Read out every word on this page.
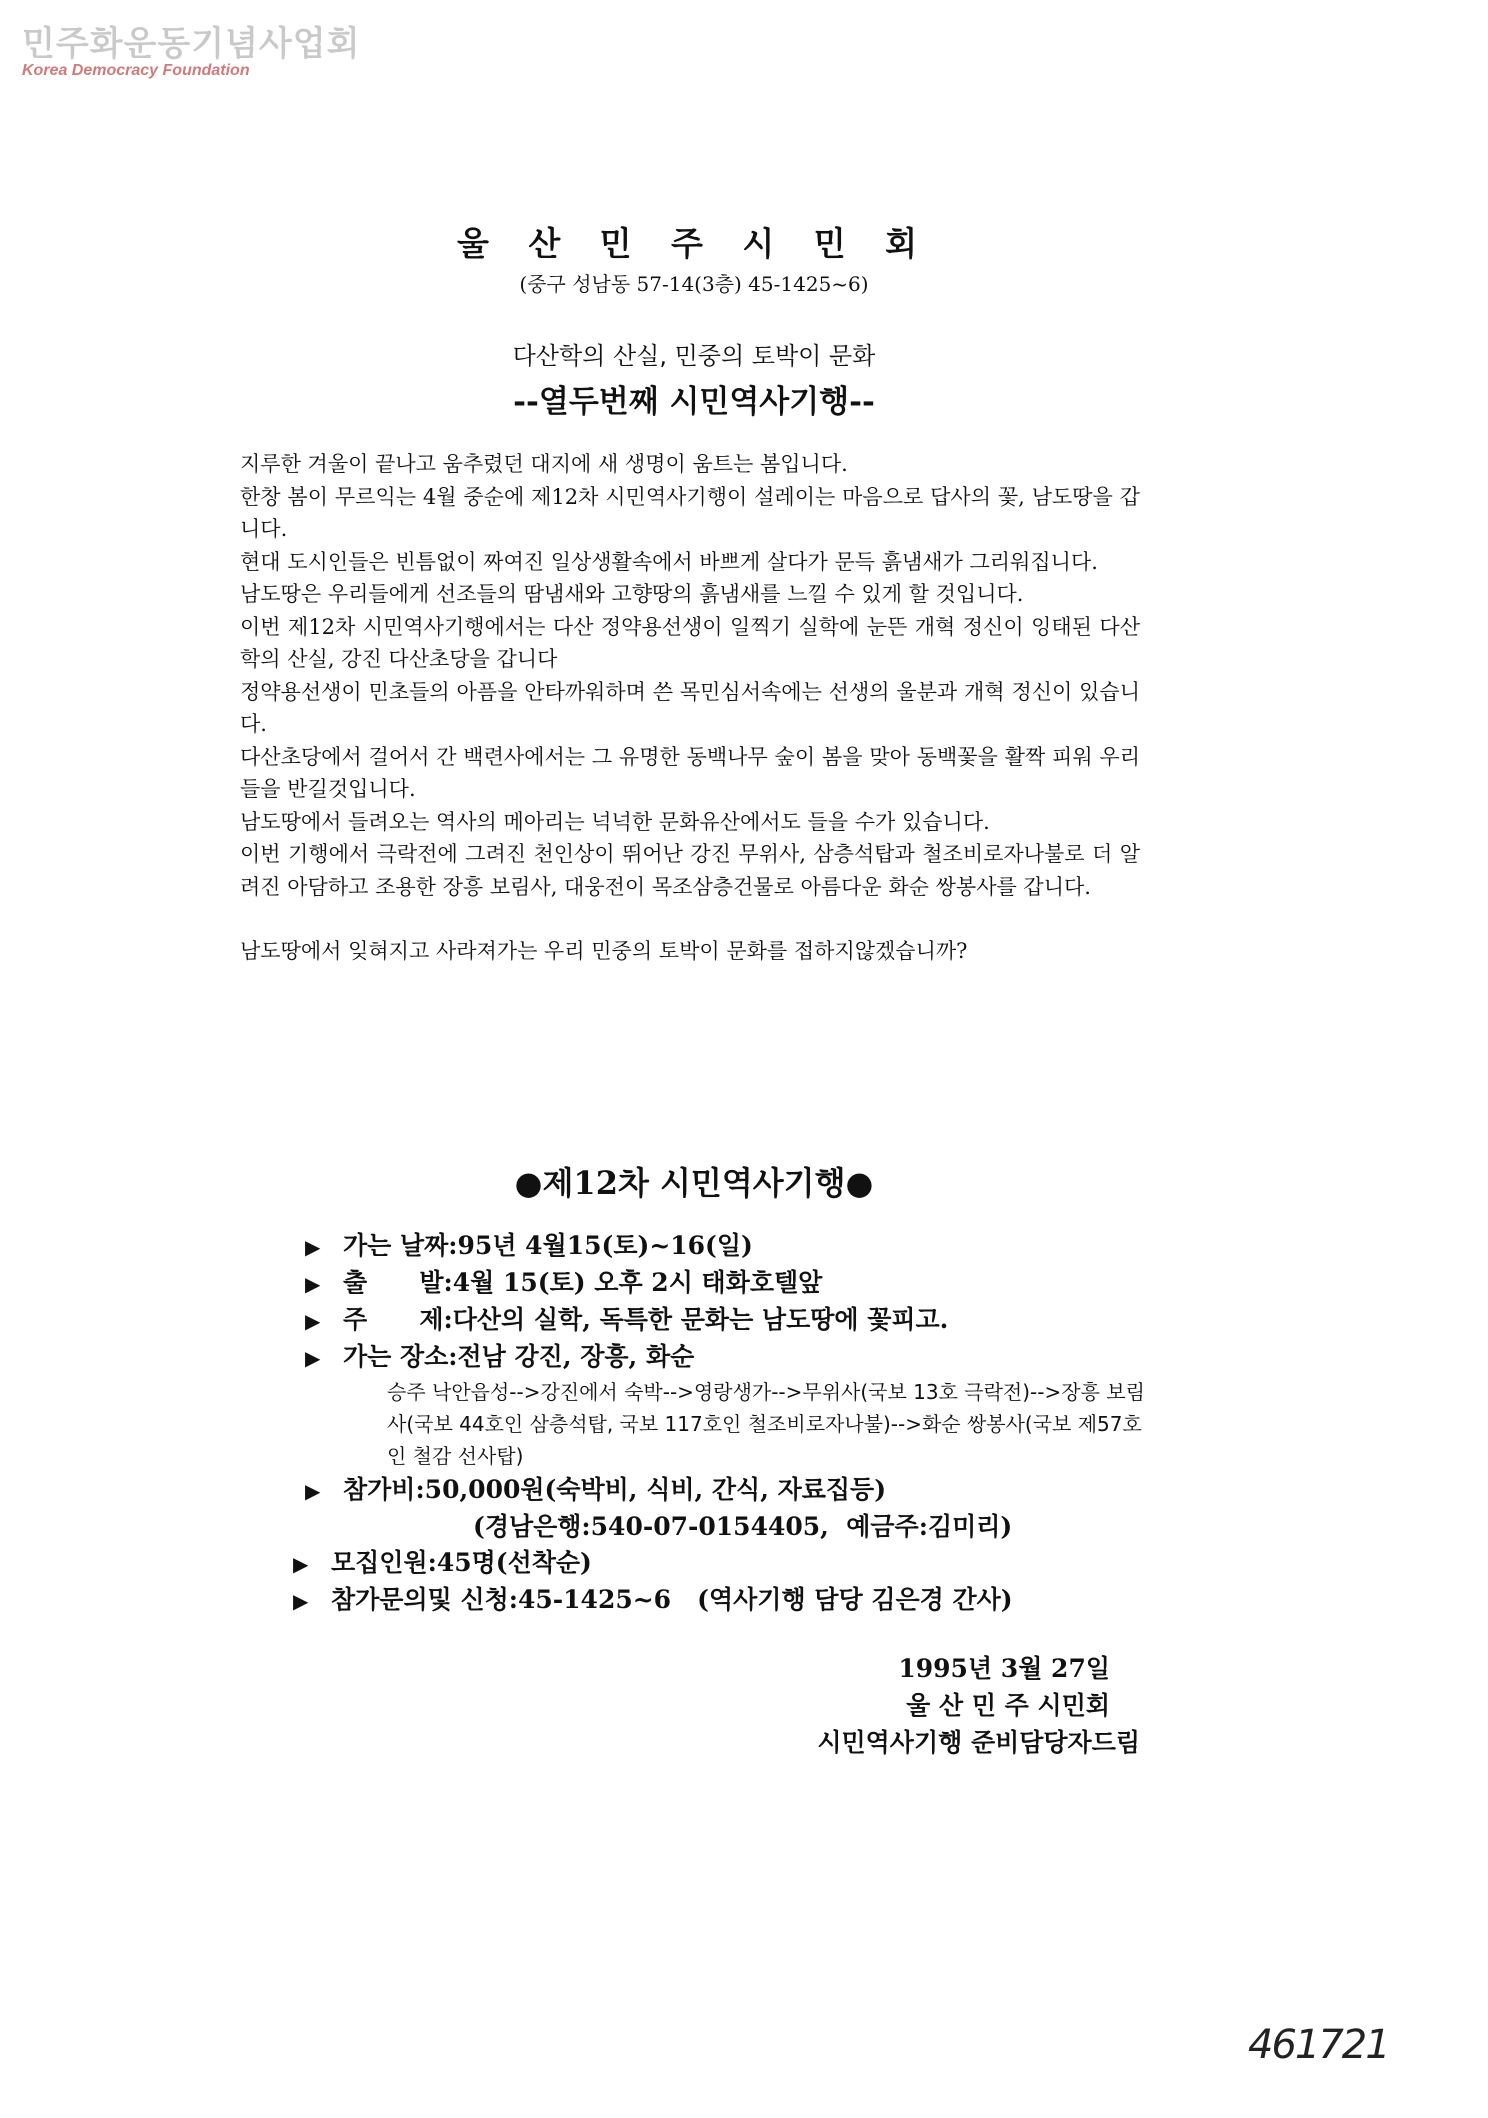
민주화운동기념사업회
Korea Democracy Foundation
울 산 민 주 시 민 회
(중구 성남동 57-14(3층) 45-1425~6)
다산학의 산실, 민중의 토박이 문화
--열두번째 시민역사기행--

지루한 겨울이 끝나고 움추렸던 대지에 새 생명이 움트는 봄입니다.

한창 봄이 무르익는 4월 중순에 제12차 시민역사기행이 설레이는 마음으로 답사의 꽃, 남도땅을 갑니다.

현대 도시인들은 빈틈없이 짜여진 일상생활속에서 바쁘게 살다가 문득 흙냄새가 그리워집니다.

남도땅은 우리들에게 선조들의 땀냄새와 고향땅의 흙냄새를 느낄 수 있게 할 것입니다.

이번 제12차 시민역사기행에서는 다산 정약용선생이 일찍기 실학에 눈뜬 개혁 정신이 잉태된 다산학의 산실, 강진 다산초당을 갑니다

정약용선생이 민초들의 아픔을 안타까워하며 쓴 목민심서속에는 선생의 울분과 개혁 정신이 있습니다.

다산초당에서 걸어서 간 백련사에서는 그 유명한 동백나무 숲이 봄을 맞아 동백꽃을 활짝 피워 우리들을 반길것입니다.

남도땅에서 들려오는 역사의 메아리는 넉넉한 문화유산에서도 들을 수가 있습니다.

이번 기행에서 극락전에 그려진 천인상이 뛰어난 강진 무위사, 삼층석탑과 철조비로자나불로 더 알려진 아담하고 조용한 장흥 보림사, 대웅전이 목조삼층건물로 아름다운 화순 쌍봉사를 갑니다.

남도땅에서 잊혀지고 사라져가는 우리 민중의 토박이 문화를 접하지않겠습니까?

●제12차 시민역사기행●
▶ 가는 날짜:95년 4월15(토)~16(일)
▶ 출      발:4월 15(토) 오후 2시 태화호텔앞
▶ 주      제:다산의 실학, 독특한 문화는 남도땅에 꽃피고.
▶ 가는 장소:전남 강진, 장흥, 화순
승주 낙안읍성-->강진에서 숙박-->영랑생가-->무위사(국보 13호 극락전)-->장흥 보림사(국보 44호인 삼층석탑, 국보 117호인 철조비로자나불)-->화순 쌍봉사(국보 제57호인 철감 선사탑)
▶ 참가비:50,000원(숙박비, 식비, 간식, 자료집등)
(경남은행:540-07-0154405,  예금주:김미리)
▶ 모집인원:45명(선착순)
▶ 참가문의및 신청:45-1425~6   (역사기행 담당 김은경 간사)
1995년 3월 27일
울 산 민 주 시민회
시민역사기행 준비담당자드림
461721
